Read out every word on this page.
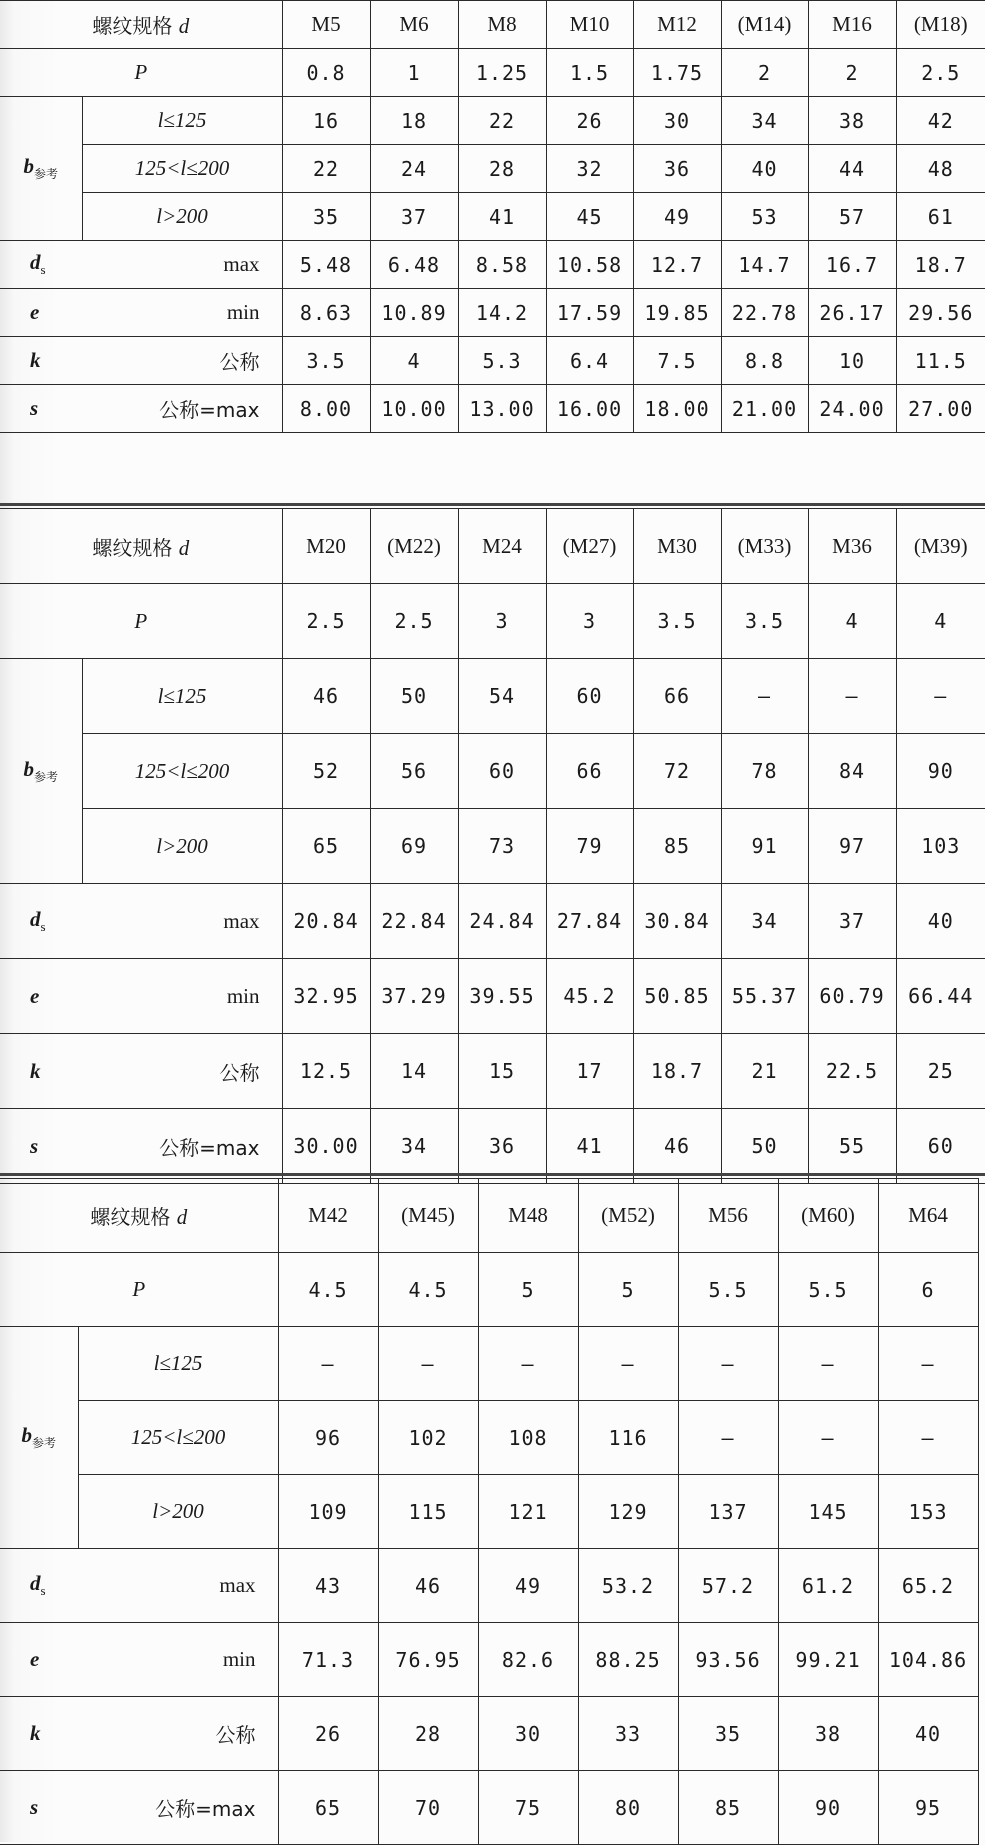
螺纹规格 d		M5	M6	M8	M10	M12	(M14)	M16	(M18)
P		0.8	1	1.25	1.5	1.75	2	2	2.5
$b_{参考}$	l≤125	16	18	22	26	30	34	38	42
	125<l≤200	22	24	28	32	36	40	44	48
	l>200	35	37	41	45	49	53	57	61

$d_s$ max		5.48	6.48	8.58	10.58	12.7	14.7	16.7	18.7

e min		8.63	10.89	14.2	17.59	19.85	22.78	26.17	29.56

k 公称		3.5	4	5.3	6.4	7.5	8.8	10	11.5

s 公称=max		8.00	10.00	13.00	16.00	18.00	21.00	24.00	27.00
螺纹规格 d		M20	(M22)	M24	(M27)	M30	(M33)	M36	(M39)
P		2.5	2.5	3	3	3.5	3.5	4	4
$b_{参考}$	l≤125	46	50	54	60	66	—	—	—
	125<l≤200	52	56	60	66	72	78	84	90
	l>200	65	69	73	79	85	91	97	103

$d_s$ max		20.84	22.84	24.84	27.84	30.84	34	37	40

e min		32.95	37.29	39.55	45.2	50.85	55.37	60.79	66.44

k 公称		12.5	14	15	17	18.7	21	22.5	25

s 公称=max		30.00	34	36	41	46	50	55	60
螺纹规格 d		M42	(M45)	M48	(M52)	M56	(M60)	M64
P		4.5	4.5	5	5	5.5	5.5	6
$b_{参考}$	l≤125	—	—	—	—	—	—	—
	125<l≤200	96	102	108	116	—	—	—
	l>200	109	115	121	129	137	145	153

$d_s$ max		43	46	49	53.2	57.2	61.2	65.2

e min		71.3	76.95	82.6	88.25	93.56	99.21	104.86

k 公称		26	28	30	33	35	38	40

s 公称=max		65	70	75	80	85	90	95
